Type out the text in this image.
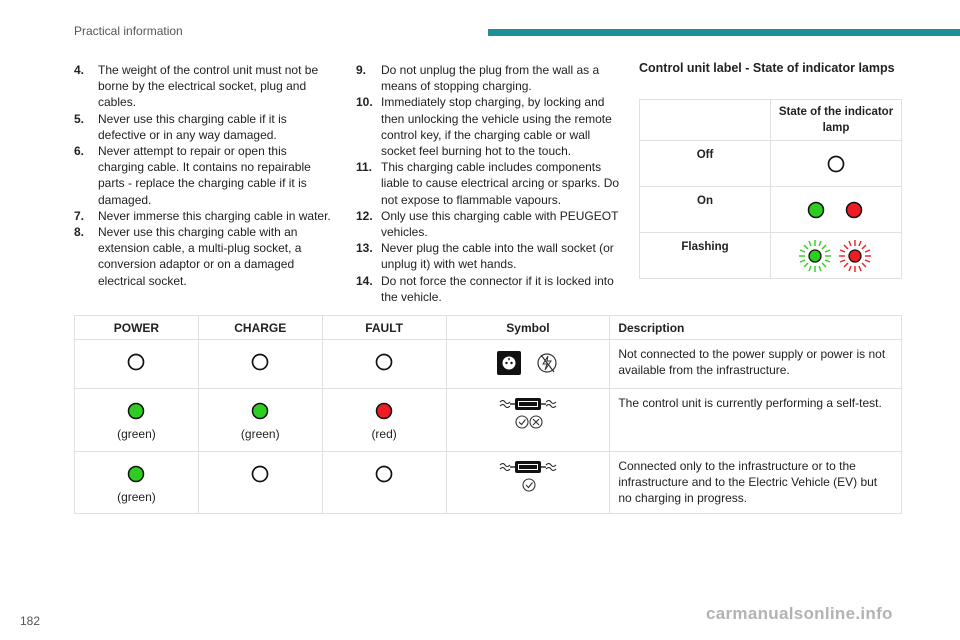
Practical information
4.	The weight of the control unit must not be borne by the electrical socket, plug and cables.
5.	Never use this charging cable if it is defective or in any way damaged.
6.	Never attempt to repair or open this charging cable. It contains no repairable parts - replace the charging cable if it is damaged.
7.	Never immerse this charging cable in water.
8.	Never use this charging cable with an extension cable, a multi-plug socket, a conversion adaptor or on a damaged electrical socket.
9.	Do not unplug the plug from the wall as a means of stopping charging.
10. Immediately stop charging, by locking and then unlocking the vehicle using the remote control key, if the charging cable or wall socket feel burning hot to the touch.
11. This charging cable includes components liable to cause electrical arcing or sparks. Do not expose to flammable vapours.
12. Only use this charging cable with PEUGEOT vehicles.
13. Never plug the cable into the wall socket (or unplug it) with wet hands.
14. Do not force the connector if it is locked into the vehicle.
Control unit label - State of indicator lamps
	State of the indicator lamp
Off	
On	
Flashing	
POWER	CHARGE	FAULT	Symbol	Description
				Not connected to the power supply or power is not available from the infrastructure.

(green)	(green)	(red)		The control unit is currently performing a self-test.

(green)				Connected only to the infrastructure or to the infrastructure and to the Electric Vehicle (EV) but no charging in progress.
182	carmanualsonline.info
